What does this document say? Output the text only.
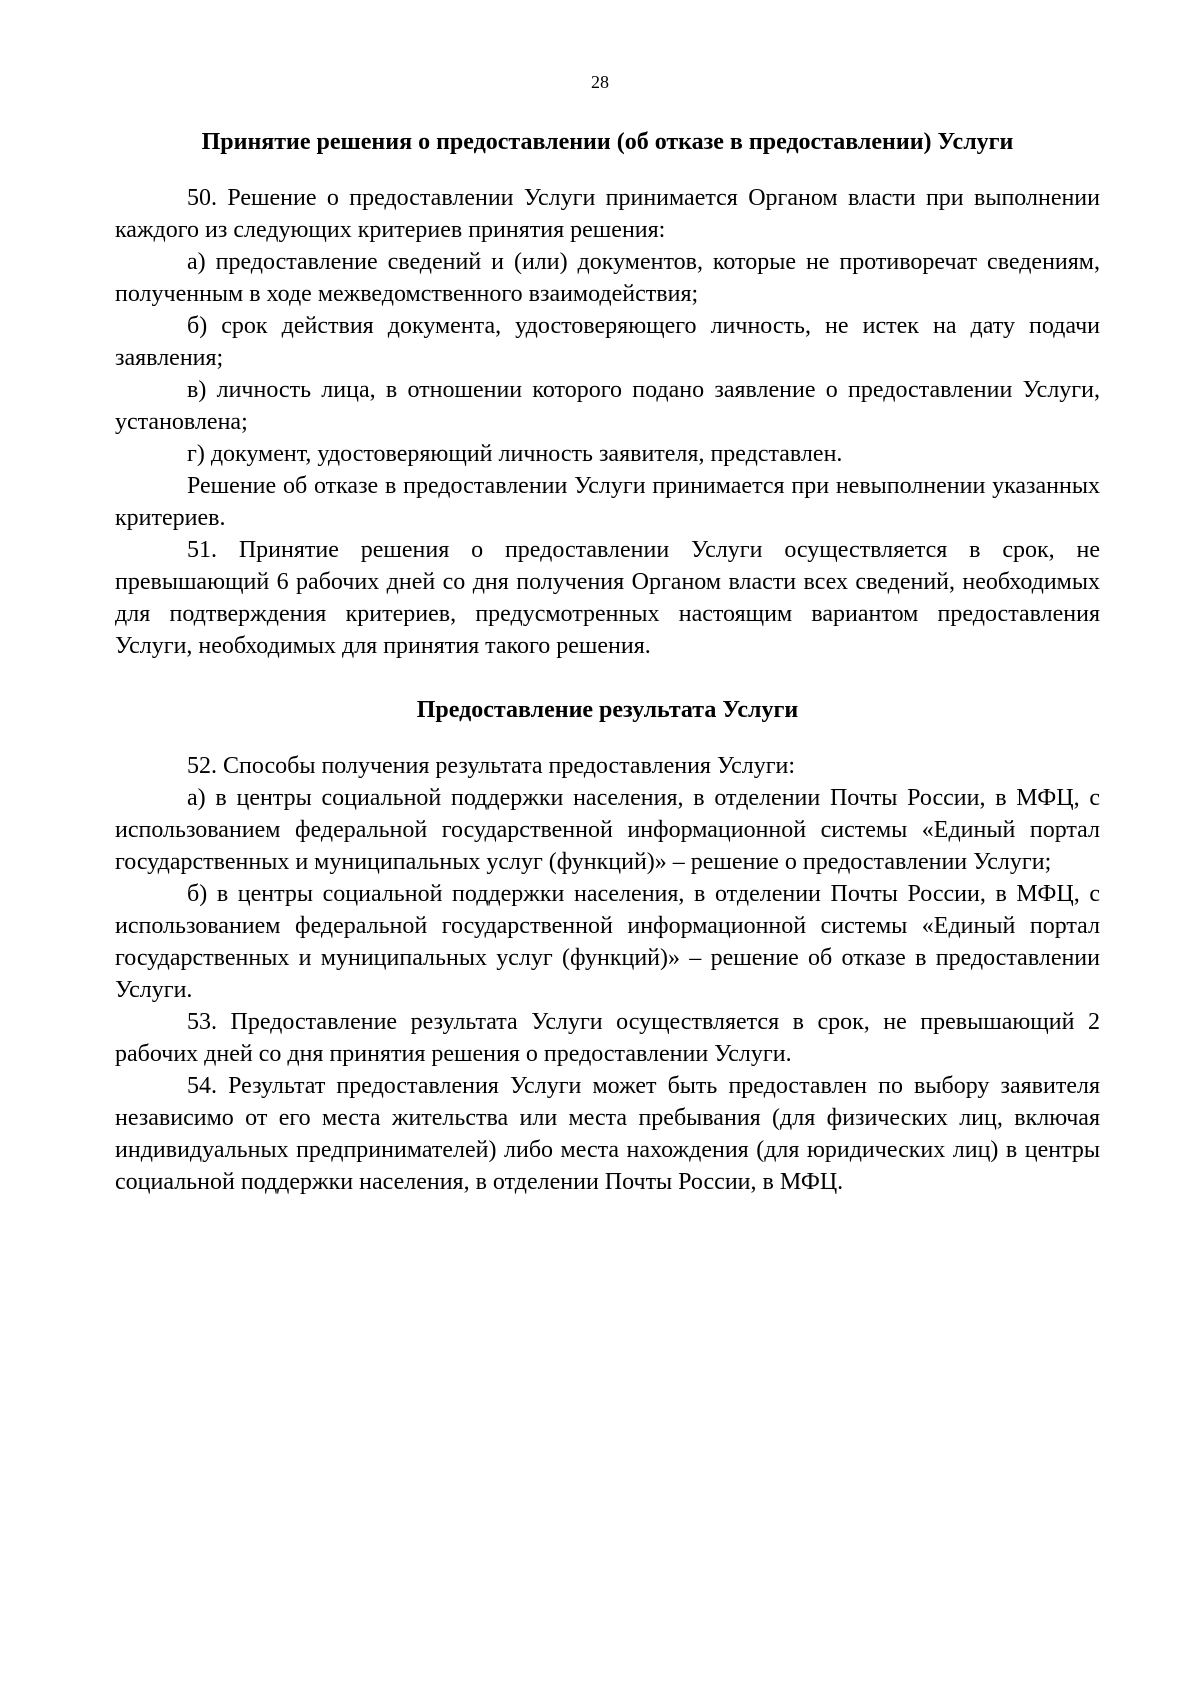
28
Принятие решения о предоставлении (об отказе в предоставлении) Услуги

50. Решение о предоставлении Услуги принимается Органом власти при выполнении каждого из следующих критериев принятия решения:

а) предоставление сведений и (или) документов, которые не противоречат сведениям, полученным в ходе межведомственного взаимодействия;

б) срок действия документа, удостоверяющего личность, не истек на дату подачи заявления;

в) личность лица, в отношении которого подано заявление о предоставлении Услуги, установлена;

г) документ, удостоверяющий личность заявителя, представлен.

Решение об отказе в предоставлении Услуги принимается при невыполнении указанных критериев.

51. Принятие решения о предоставлении Услуги осуществляется в срок, не превышающий 6 рабочих дней со дня получения Органом власти всех сведений, необходимых для подтверждения критериев, предусмотренных настоящим вариантом предоставления Услуги, необходимых для принятия такого решения.

Предоставление результата Услуги

52. Способы получения результата предоставления Услуги:

а) в центры социальной поддержки населения, в отделении Почты России, в МФЦ, с использованием федеральной государственной информационной системы «Единый портал государственных и муниципальных услуг (функций)» – решение о предоставлении Услуги;

б) в центры социальной поддержки населения, в отделении Почты России, в МФЦ, с использованием федеральной государственной информационной системы «Единый портал государственных и муниципальных услуг (функций)» – решение об отказе в предоставлении Услуги.

53. Предоставление результата Услуги осуществляется в срок, не превышающий 2 рабочих дней со дня принятия решения о предоставлении Услуги.

54. Результат предоставления Услуги может быть предоставлен по выбору заявителя независимо от его места жительства или места пребывания (для физических лиц, включая индивидуальных предпринимателей) либо места нахождения (для юридических лиц) в центры социальной поддержки населения, в отделении Почты России, в МФЦ.
